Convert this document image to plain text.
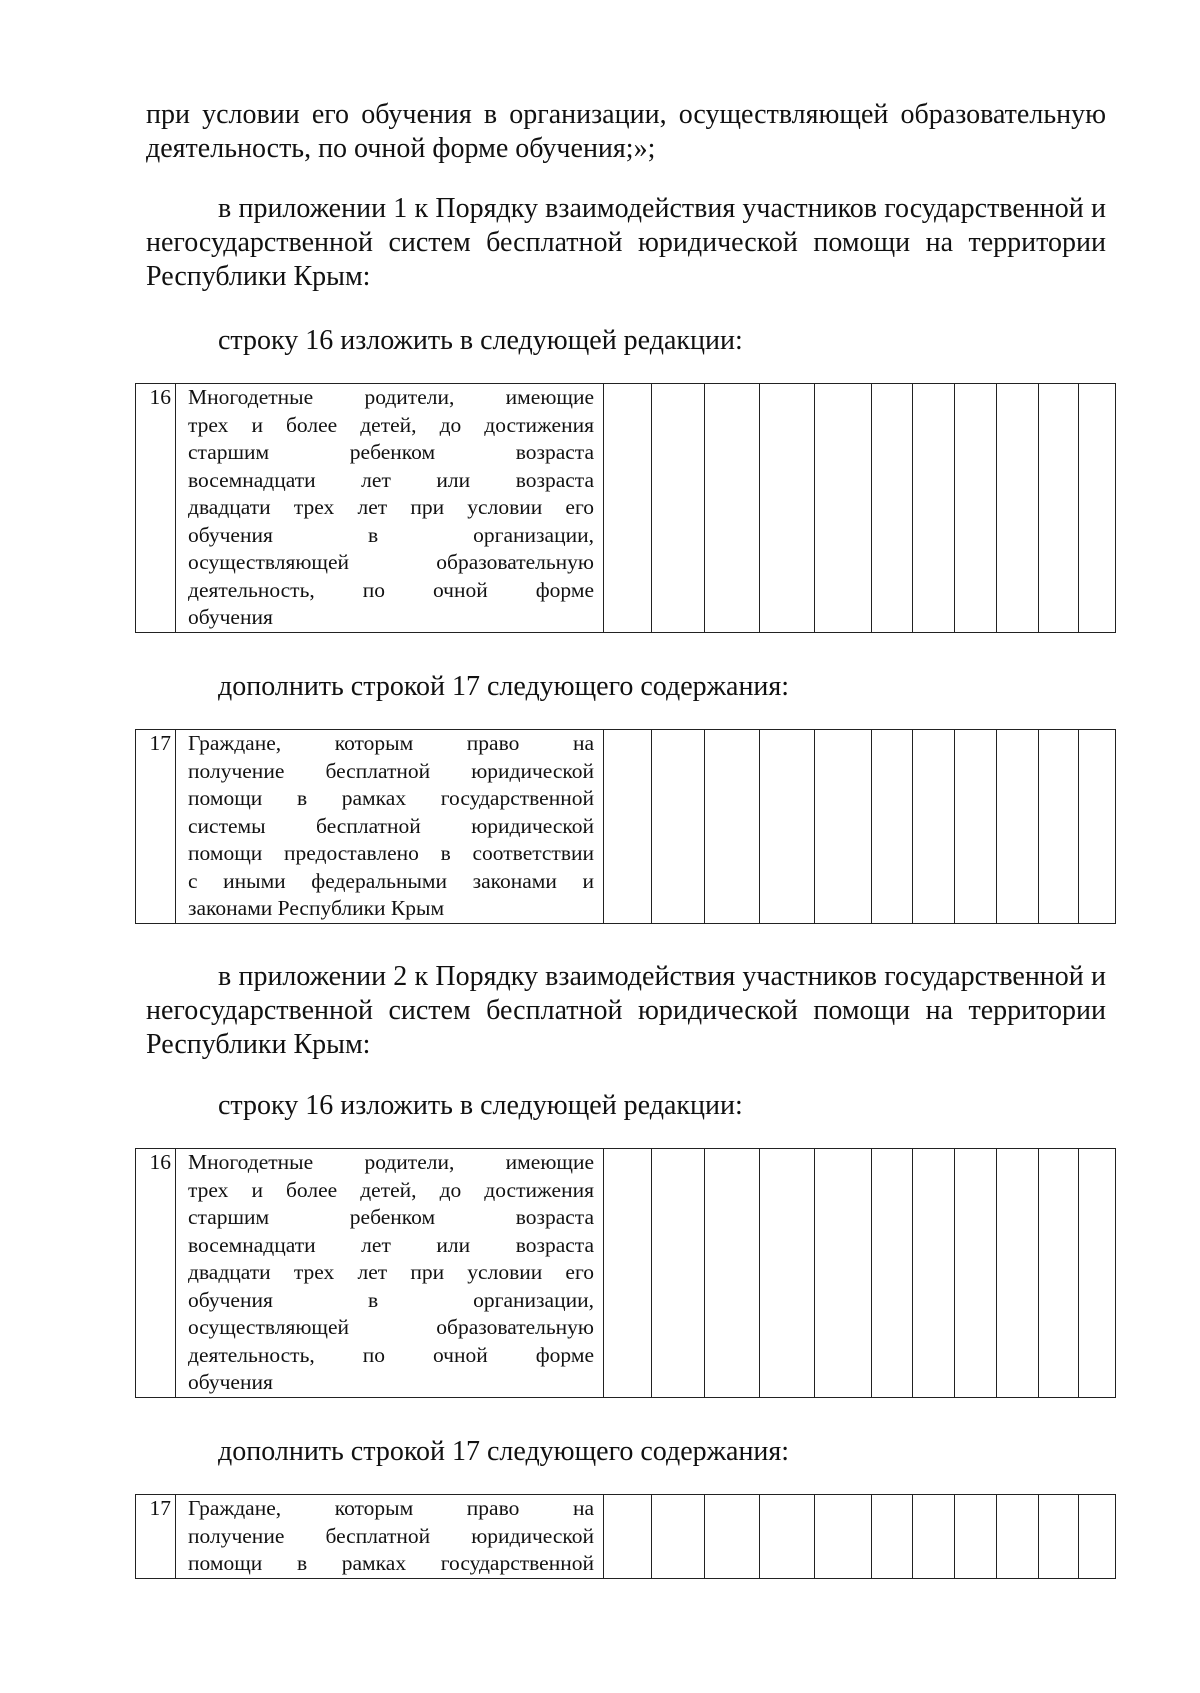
при условии его обучения в организации, осуществляющей образовательную

деятельность, по очной форме обучения;»;

в приложении 1 к Порядку взаимодействия участников государственной и негосударственной систем бесплатной юридической помощи на территории Республики Крым:

строку 16 изложить в следующей редакции:

16	Многодетные родители, имеющие
трех и более детей, до достижения
старшим ребенком возраста
восемнадцати лет или возраста
двадцати трех лет при условии его
обучения в организации,
осуществляющей образовательную
деятельность, по очной форме
обучения

дополнить строкой 17 следующего содержания:

17	Граждане, которым право на
получение бесплатной юридической
помощи в рамках государственной
системы бесплатной юридической
помощи предоставлено в соответствии
с иными федеральными законами и
законами Республики Крым

в приложении 2 к Порядку взаимодействия участников государственной и негосударственной систем бесплатной юридической помощи на территории Республики Крым:

строку 16 изложить в следующей редакции:

16	Многодетные родители, имеющие
трех и более детей, до достижения
старшим ребенком возраста
восемнадцати лет или возраста
двадцати трех лет при условии его
обучения в организации,
осуществляющей образовательную
деятельность, по очной форме
обучения

дополнить строкой 17 следующего содержания:

17	Граждане, которым право на
получение бесплатной юридической
помощи в рамках государственной
